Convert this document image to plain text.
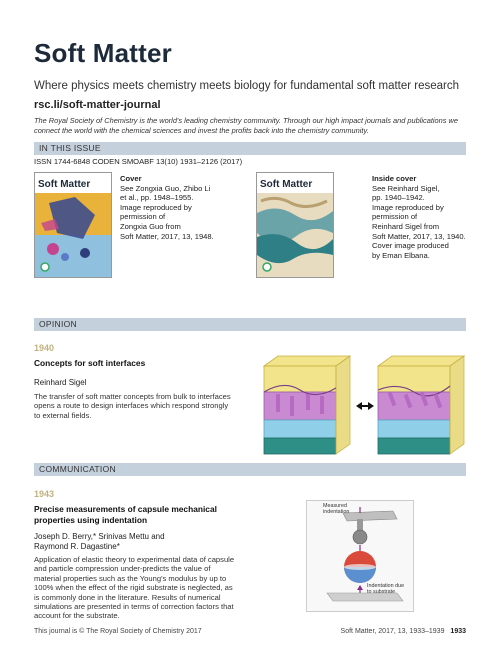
Soft Matter
Where physics meets chemistry meets biology for fundamental soft matter research
rsc.li/soft-matter-journal
The Royal Society of Chemistry is the world's leading chemistry community. Through our high impact journals and publications we connect the world with the chemical sciences and invest the profits back into the chemistry community.
IN THIS ISSUE
ISSN 1744-6848 CODEN SMOABF 13(10) 1931–2126 (2017)
Soft Matter
Cover
See Zongxia Guo, Zhibo Li
et al., pp. 1948–1955.
Image reproduced by
permission of
Zongxia Guo from
Soft Matter, 2017, 13, 1948.
Soft Matter
Inside cover
See Reinhard Sigel,
pp. 1940–1942.
Image reproduced by
permission of
Reinhard Sigel from
Soft Matter, 2017, 13, 1940.
Cover image produced
by Eman Elbana.
OPINION
1940
Concepts for soft interfaces
Reinhard Sigel
The transfer of soft matter concepts from bulk to interfaces
opens a route to design interfaces which respond strongly
to external fields.
COMMUNICATION
1943
Precise measurements of capsule mechanical
properties using indentation
Joseph D. Berry,* Srinivas Mettu and
Raymond R. Dagastine*
Application of elastic theory to experimental data of capsule
and particle compression under-predicts the value of
material properties such as the Young's modulus by up to
100% when the effect of the rigid substrate is neglected, as
is commonly done in the literature. Results of numerical
simulations are presented in terms of correction factors that
account for the substrate.
Measured
indentation
Indentation due
to substrate
This journal is © The Royal Society of Chemistry 2017	Soft Matter, 2017, 13, 1933–1939 1933
